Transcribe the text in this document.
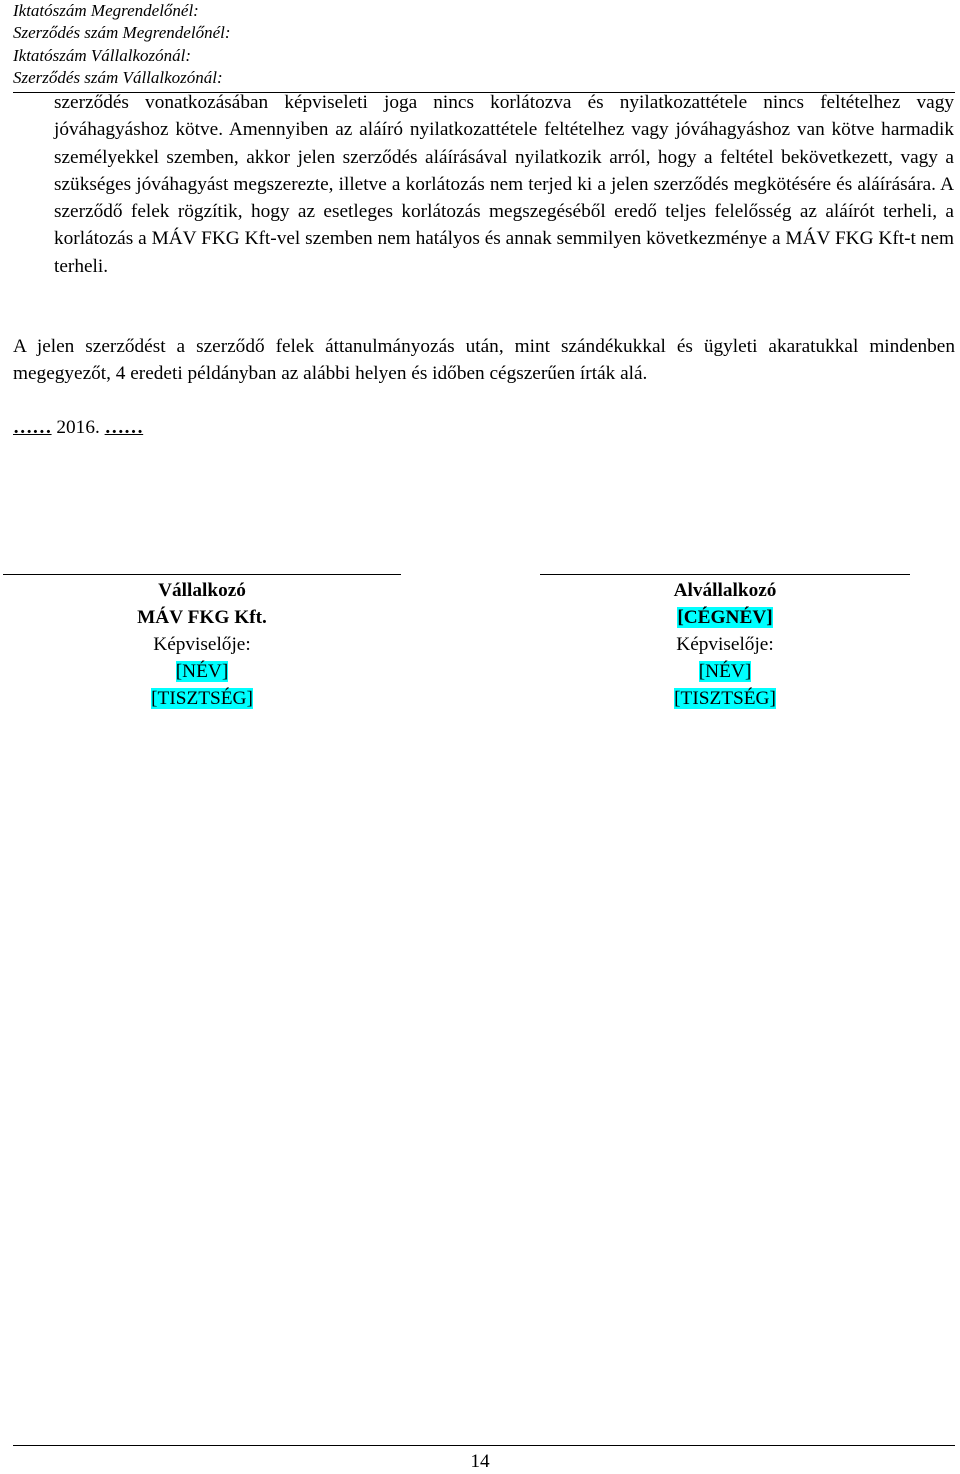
Iktatószám Megrendelőnél:
Szerződés szám Megrendelőnél:
Iktatószám Vállalkozónál:
Szerződés szám Vállalkozónál:
szerződés vonatkozásában képviseleti joga nincs korlátozva és nyilatkozattétele nincs feltételhez vagy jóváhagyáshoz kötve. Amennyiben az aláíró nyilatkozattétele feltételhez vagy jóváhagyáshoz van kötve harmadik személyekkel szemben, akkor jelen szerződés aláírásával nyilatkozik arról, hogy a feltétel bekövetkezett, vagy a szükséges jóváhagyást megszerezte, illetve a korlátozás nem terjed ki a jelen szerződés megkötésére és aláírására. A szerződő felek rögzítik, hogy az esetleges korlátozás megszegéséből eredő teljes felelősség az aláírót terheli, a korlátozás a MÁV FKG Kft-vel szemben nem hatályos és annak semmilyen következménye a MÁV FKG Kft-t nem terheli.
A jelen szerződést a szerződő felek áttanulmányozás után, mint szándékukkal és ügyleti akaratukkal mindenben megegyezőt, 4 eredeti példányban az alábbi helyen és időben cégszerűen írták alá.
…… 2016. ……
Vállalkozó
MÁV FKG Kft.
Képviselője:
[NÉV]
[TISZTSÉG]
Alvállalkozó
[CÉGNÉV]
Képviselője:
[NÉV]
[TISZTSÉG]
14
